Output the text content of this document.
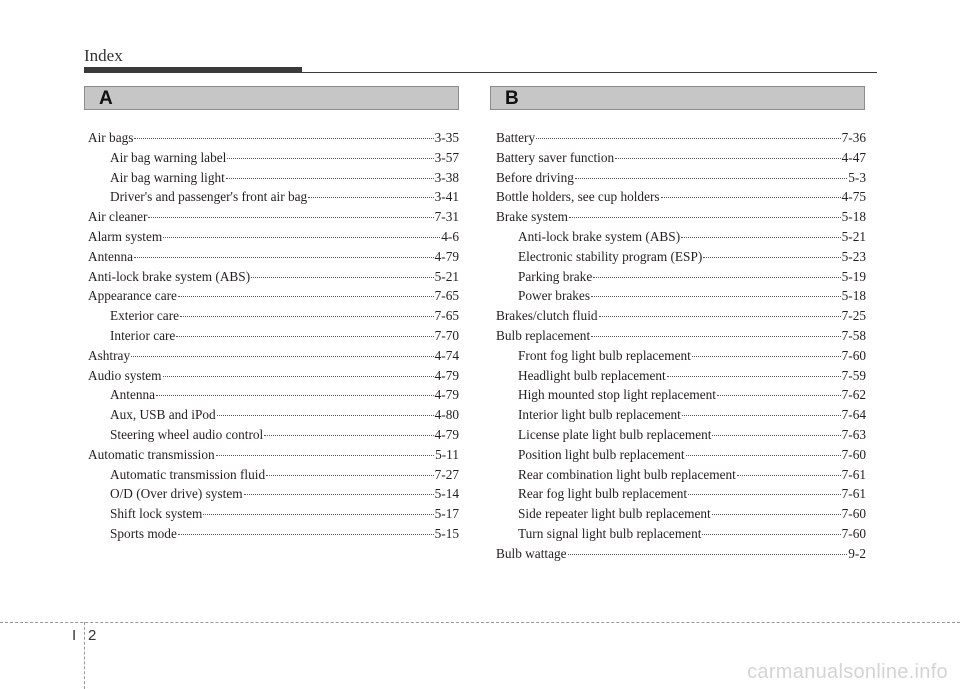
Index
A	B
Air bags	3-35
Air bag warning label	3-57
Air bag warning light	3-38
Driver's and passenger's front air bag	3-41
Air cleaner	7-31
Alarm system	4-6
Antenna	4-79
Anti-lock brake system (ABS)	5-21
Appearance care	7-65
Exterior care	7-65
Interior care	7-70
Ashtray	4-74
Audio system	4-79
Antenna	4-79
Aux, USB and iPod	4-80
Steering wheel audio control	4-79
Automatic transmission	5-11
Automatic transmission fluid	7-27
O/D (Over drive) system	5-14
Shift lock system	5-17
Sports mode	5-15
Battery	7-36
Battery saver function	4-47
Before driving	5-3
Bottle holders, see cup holders	4-75
Brake system	5-18
Anti-lock brake system (ABS)	5-21
Electronic stability program (ESP)	5-23
Parking brake	5-19
Power brakes	5-18
Brakes/clutch fluid	7-25
Bulb replacement	7-58
Front fog light bulb replacement	7-60
Headlight bulb replacement	7-59
High mounted stop light replacement	7-62
Interior light bulb replacement	7-64
License plate light bulb replacement	7-63
Position light bulb replacement	7-60
Rear combination light bulb replacement	7-61
Rear fog light bulb replacement	7-61
Side repeater light bulb replacement	7-60
Turn signal light bulb replacement	7-60
Bulb wattage	9-2
I 2
carmanualsonline.info
